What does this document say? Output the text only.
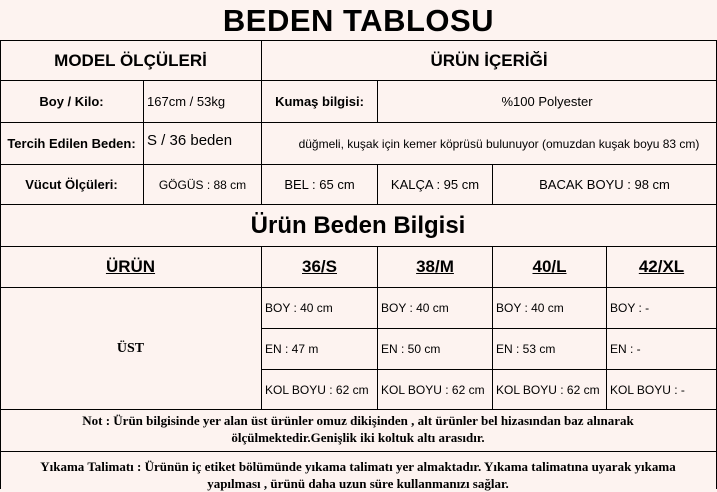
BEDEN TABLOSU
MODEL ÖLÇÜLERİ	ÜRÜN İÇERİĞİ
Boy / Kilo:	167cm / 53kg	Kumaş bilgisi:	%100 Polyester
Tercih Edilen Beden: S / 36 beden	düğmeli, kuşak için kemer köprüsü bulunuyor (omuzdan kuşak boyu 83 cm)
Vücut Ölçüleri:	GÖGÜS : 88 cm	BEL : 65 cm	KALÇA : 95 cm	BACAK BOYU : 98 cm
Ürün Beden Bilgisi
ÜRÜN	36/S	38/M	40/L	42/XL
ÜST
BOY : 40 cm	BOY : 40 cm	BOY : 40 cm	BOY : -
EN : 47 m	EN : 50 cm	EN : 53 cm	EN : -
KOL BOYU : 62 cm	KOL BOYU : 62 cm KOL BOYU : 62 cm KOL BOYU : -
Not : Ürün bilgisinde yer alan üst ürünler omuz dikişinden , alt ürünler bel hizasından baz alınarak ölçülmektedir.Genişlik iki koltuk altı arasıdır.
Yıkama Talimatı : Ürünün iç etiket bölümünde yıkama talimatı yer almaktadır. Yıkama talimatına uyarak yıkama yapılması , ürünü daha uzun süre kullanmanızı sağlar.
